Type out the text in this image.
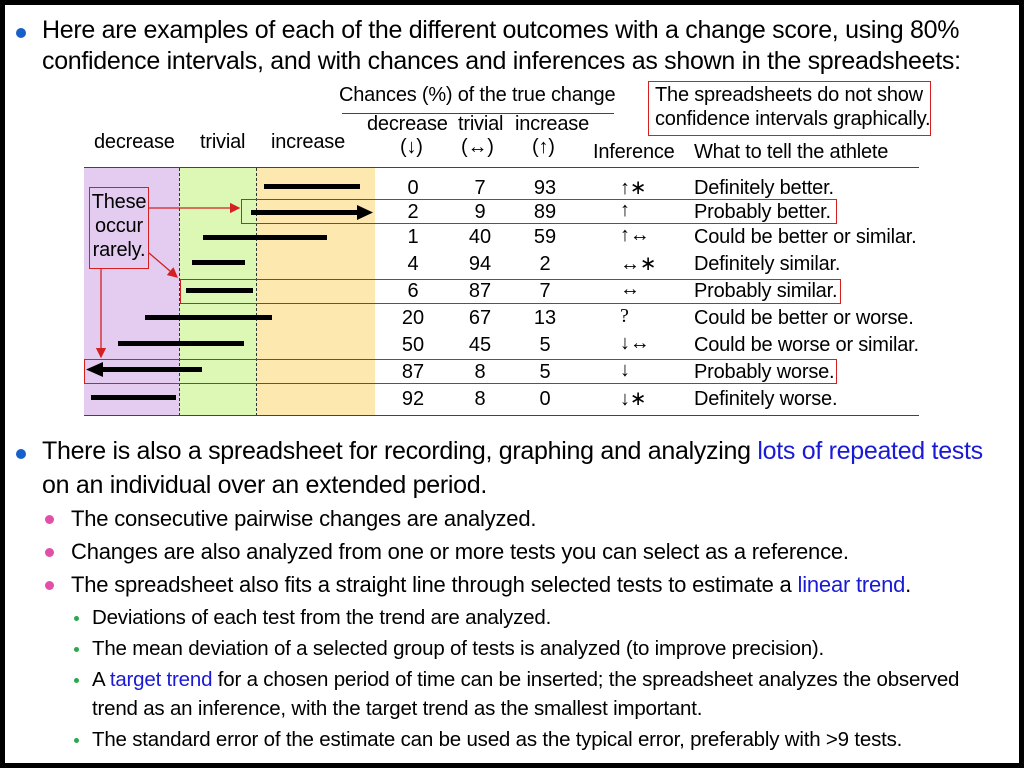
Here are examples of each of the different outcomes with a change score, using 80%
confidence intervals, and with chances and inferences as shown in the spreadsheets:
Chances (%) of the true change
decrease trivial increase
decrease
(↓)
trivial
(↔)
increase
(↑) Inference What to tell the athlete
The spreadsheets do not show
confidence intervals graphically.
These
occur
rarely.
0	7	93	↑∗ Definitely better.
2	9	89	↑	Probably better.
1	40	59	↑↔ Could be better or similar.
4	94	2	↔∗ Definitely similar.
6	87	7	↔	Probably similar.
20	67	13	?	Could be better or worse.
50	45	5	↓↔ Could be worse or similar.
87	8	5	↓	Probably worse.
92	8	0	↓∗ Definitely worse.
There is also a spreadsheet for recording, graphing and analyzing lots of repeated tests
on an individual over an extended period.
The consecutive pairwise changes are analyzed.
Changes are also analyzed from one or more tests you can select as a reference.
The spreadsheet also fits a straight line through selected tests to estimate a linear trend.
Deviations of each test from the trend are analyzed.
The mean deviation of a selected group of tests is analyzed (to improve precision).
A target trend for a chosen period of time can be inserted; the spreadsheet analyzes the observed
trend as an inference, with the target trend as the smallest important.
The standard error of the estimate can be used as the typical error, preferably with >9 tests.
